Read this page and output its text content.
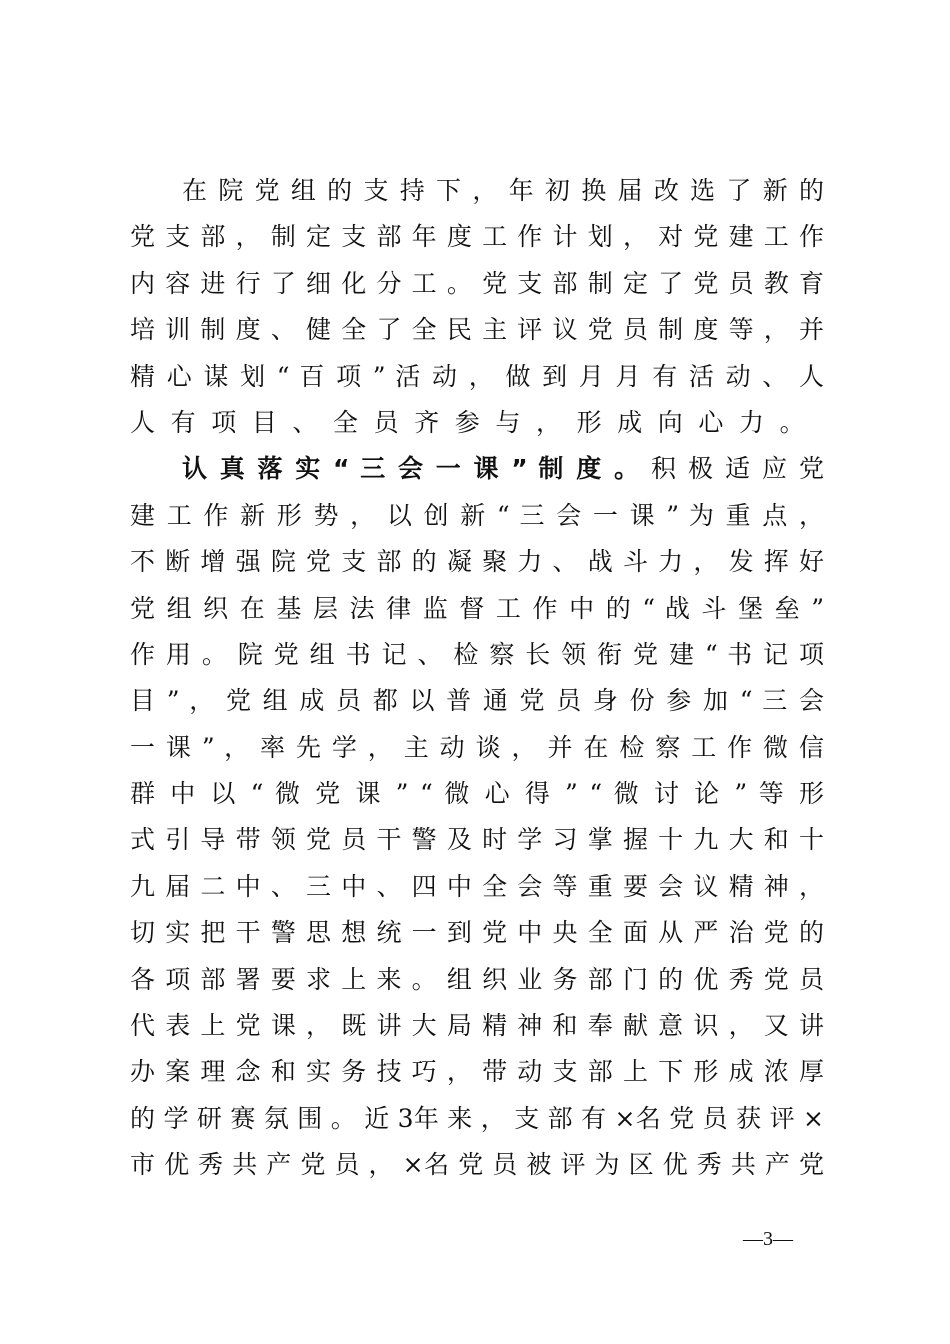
在 院 党 组 的 支 持 下 ， 年 初 换 届 改 选 了 新 的
党 支 部 ， 制 定 支 部 年 度 工 作 计 划 ， 对 党 建 工 作
内 容 进 行 了 细 化 分 工 。 党 支 部 制 定 了 党 员 教 育
培 训 制 度 、 健 全 了 全 民 主 评 议 党 员 制 度 等 ， 并
精 心 谋 划 “ 百 项 ” 活 动 ， 做 到 月 月 有 活 动 、 人
人有项目、全员齐参与，形成向心力。
认 真 落 实 “ 三 会 一 课 ” 制 度 。 积 极 适 应 党
建 工 作 新 形 势 ， 以 创 新 “ 三 会 一 课 ” 为 重 点 ，
不 断 增 强 院 党 支 部 的 凝 聚 力 、 战 斗 力 ， 发 挥 好
党 组 织 在 基 层 法 律 监 督 工 作 中 的 “ 战 斗 堡 垒 ”
作 用 。 院 党 组 书 记 、 检 察 长 领 衔 党 建 “ 书 记 项
目 ” ， 党 组 成 员 都 以 普 通 党 员 身 份 参 加 “ 三 会
一 课 ” ， 率 先 学 ， 主 动 谈 ， 并 在 检 察 工 作 微 信
群 中 以 “ 微 党 课 ” “ 微 心 得 ” “ 微 讨 论 ” 等 形
式 引 导 带 领 党 员 干 警 及 时 学 习 掌 握 十 九 大 和 十
九 届 二 中 、 三 中 、 四 中 全 会 等 重 要 会 议 精 神 ，
切 实 把 干 警 思 想 统 一 到 党 中 央 全 面 从 严 治 党 的
各 项 部 署 要 求 上 来 。 组 织 业 务 部 门 的 优 秀 党 员
代 表 上 党 课 ， 既 讲 大 局 精 神 和 奉 献 意 识 ， 又 讲
办 案 理 念 和 实 务 技 巧 ， 带 动 支 部 上 下 形 成 浓 厚
的 学 研 赛 氛 围 。 近 3年 来 ， 支 部 有 ×名 党 员 获 评 ×
市 优 秀 共 产 党 员 ， ×名 党 员 被 评 为 区 优 秀 共 产 党
—3—
